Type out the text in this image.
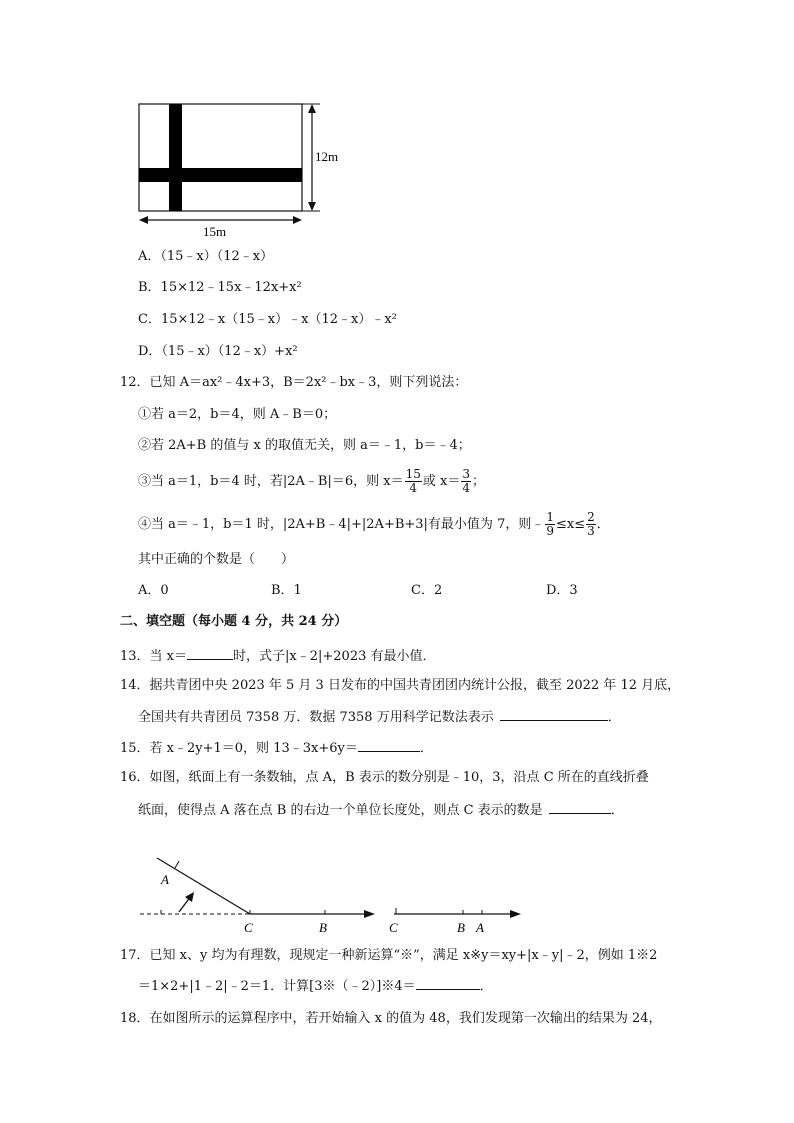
12m
15m
A．（15﹣x）（12﹣x）
B．15×12﹣15x﹣12x+x²
C．15×12﹣x（15﹣x）﹣x（12﹣x）﹣x²
D．（15﹣x）（12﹣x）+x²
12．已知 A＝ax²﹣4x+3，B＝2x²﹣bx﹣3，则下列说法：
①若 a＝2，b＝4，则 A﹣B＝0；
②若 2A+B 的值与 x 的取值无关，则 a＝﹣1，b＝﹣4；
③当 a＝1，b＝4 时，若|2A﹣B|＝6，则 $x= \frac{15}{4}$ 或 $x= \frac{3}{4}$ ；
④当 a＝﹣1，b＝1 时，|2A+B﹣4|+|2A+B+3|有最小值为 7，则﹣ $\frac{1}{9} \le x\le \frac{2}{3}$ ．
其中正确的个数是（　　）
A．0	B．1	C．2	D．3
二、填空题（每小题 4 分，共 24 分）
13．当 x＝	时，式子|x﹣2|+2023 有最小值．
14．据共青团中央 2023 年 5 月 3 日发布的中国共青团团内统计公报，截至 2022 年 12 月底，
全国共有共青团员 7358 万．数据 7358 万用科学记数法表示	．
15．若 x﹣2y+1＝0，则 13﹣3x+6y＝	．
16．如图，纸面上有一条数轴，点 A，B 表示的数分别是﹣10，3，沿点 C 所在的直线折叠
纸面，使得点 A 落在点 B 的右边一个单位长度处，则点 C 表示的数是	．
A
C	B	C	B A
17．已知 x、y 均为有理数，现规定一种新运算“※”，满足 x※y＝xy+|x﹣y|﹣2，例如 1※2
＝1×2+|1﹣2|﹣2＝1．计算[3※（﹣2）]※4＝	．
18．在如图所示的运算程序中，若开始输入 x 的值为 48，我们发现第一次输出的结果为 24，
